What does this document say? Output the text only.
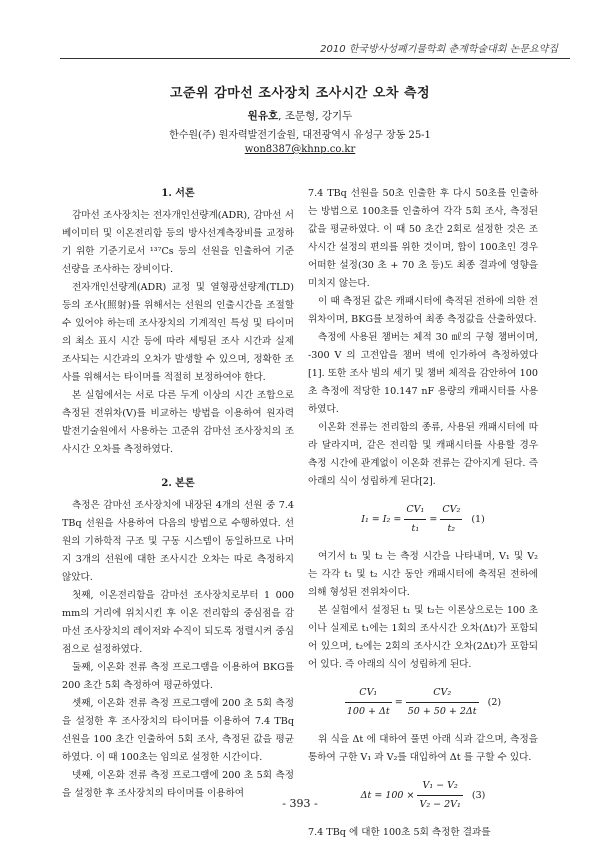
2010 한국방사성폐기물학회 춘계학술대회 논문요약집
고준위 감마선 조사장치 조사시간 오차 측정
원유호, 조문형, 강기두
한수원(주) 원자력발전기술원, 대전광역시 유성구 장동 25-1
won8387@khnp.co.kr
1. 서론

감마선 조사장치는 전자개인선량계(ADR), 감마선 서베이미터 및 이온전리함 등의 방사선계측장비를 교정하기 위한 기준기로서 ¹³⁷Cs 등의 선원을 인출하여 기준 선량을 조사하는 장비이다.

전자개인선량계(ADR) 교정 및 열형광선량계(TLD) 등의 조사(照射)를 위해서는 선원의 인출시간을 조절할 수 있어야 하는데 조사장치의 기계적인 특성 및 타이머의 최소 표시 시간 등에 따라 세팅된 조사 시간과 실제 조사되는 시간과의 오차가 발생할 수 있으며, 정확한 조사를 위해서는 타이머를 적절히 보정하여야 한다.

본 실험에서는 서로 다른 두게 이상의 시간 조합으로 측정된 전위차(V)를 비교하는 방법을 이용하여 원자력발전기술원에서 사용하는 고준위 감마선 조사장치의 조사시간 오차를 측정하였다.

2. 본론

측정은 감마선 조사장치에 내장된 4개의 선원 중 7.4 TBq 선원을 사용하여 다음의 방법으로 수행하였다. 선원의 기하학적 구조 및 구동 시스템이 동일하므로 나머지 3개의 선원에 대한 조사시간 오차는 따로 측정하지 않았다.

첫째, 이온전리함을 감마선 조사장치로부터 1 000 mm의 거리에 위치시킨 후 이온 전리함의 중심점을 감마선 조사장치의 레이저와 수직이 되도록 정렬시켜 중심점으로 설정하였다.

둘째, 이온화 전류 측정 프로그램을 이용하여 BKG를 200 초간 5회 측정하여 평균하였다.

셋째, 이온화 전류 측정 프로그램에 200 초 5회 측정을 설정한 후 조사장치의 타이머를 이용하여 7.4 TBq 선원을 100 초간 인출하여 5회 조사, 측정된 값을 평균하였다. 이 때 100초는 임의로 설정한 시간이다.

넷째, 이온화 전류 측정 프로그램에 200 초 5회 측정을 설정한 후 조사장치의 타이머를 이용하여

7.4 TBq 선원을 50초 인출한 후 다시 50초를 인출하는 방법으로 100초를 인출하여 각각 5회 조사, 측정된 값을 평균하였다. 이 때 50 초간 2회로 설정한 것은 조사시간 설정의 편의를 위한 것이며, 합이 100초인 경우 어떠한 설정(30 초 + 70 초 등)도 최종 결과에 영향을 미치지 않는다.

이 때 측정된 값은 캐패시터에 축적된 전하에 의한 전위차이며, BKG를 보정하여 최종 측정값을 산출하였다.

측정에 사용된 챔버는 체적 30 ㎖의 구형 챔버이며, -300 V 의 고전압을 챔버 벽에 인가하여 측정하였다[1]. 또한 조사 빔의 세기 및 챔버 체적을 감안하여 100 초 측정에 적당한 10.147 nF 용량의 캐패시터를 사용하였다.

이온화 전류는 전리함의 종류, 사용된 캐패시터에 따라 달라지며, 같은 전리함 및 캐패시터를 사용할 경우 측정 시간에 관계없이 이온화 전류는 같아지게 된다. 즉 아래의 식이 성립하게 된다[2].

$I_1 = I_2 = \frac{\text{CV₁}}{\text{t₁}} = \frac{\text{CV₂}}{\text{t₂}} (1)$

여기서 t₁ 및 t₂ 는 측정 시간을 나타내며, V₁ 및 V₂ 는 각각 t₁ 및 t₂ 시간 동안 캐패시터에 축적된 전하에 의해 형성된 전위차이다.

본 실험에서 설정된 t₁ 및 t₂는 이론상으로는 100 초이나 실제로 t₁에는 1회의 조사시간 오차(Δt)가 포함되어 있으며, t₂에는 2회의 조사시간 오차(2Δt)가 포함되어 있다. 즉 아래의 식이 성립하게 된다.

$\frac{\text{CV₁}}{100 + \Delta t} = \frac{\text{CV₂}}{50 + 50 + 2\Delta t} (2)$

위 식을 Δt 에 대하여 풀면 아래 식과 같으며, 측정을 통하여 구한 V₁ 과 V₂를 대입하여 Δt 를 구할 수 있다.

$\Delta t = 100 \times \frac{\text{V₁ − V₂}}{\text{V₂ − 2V₁}} (3)$

7.4 TBq 에 대한 100초 5회 측정한 결과를

- 393 -
